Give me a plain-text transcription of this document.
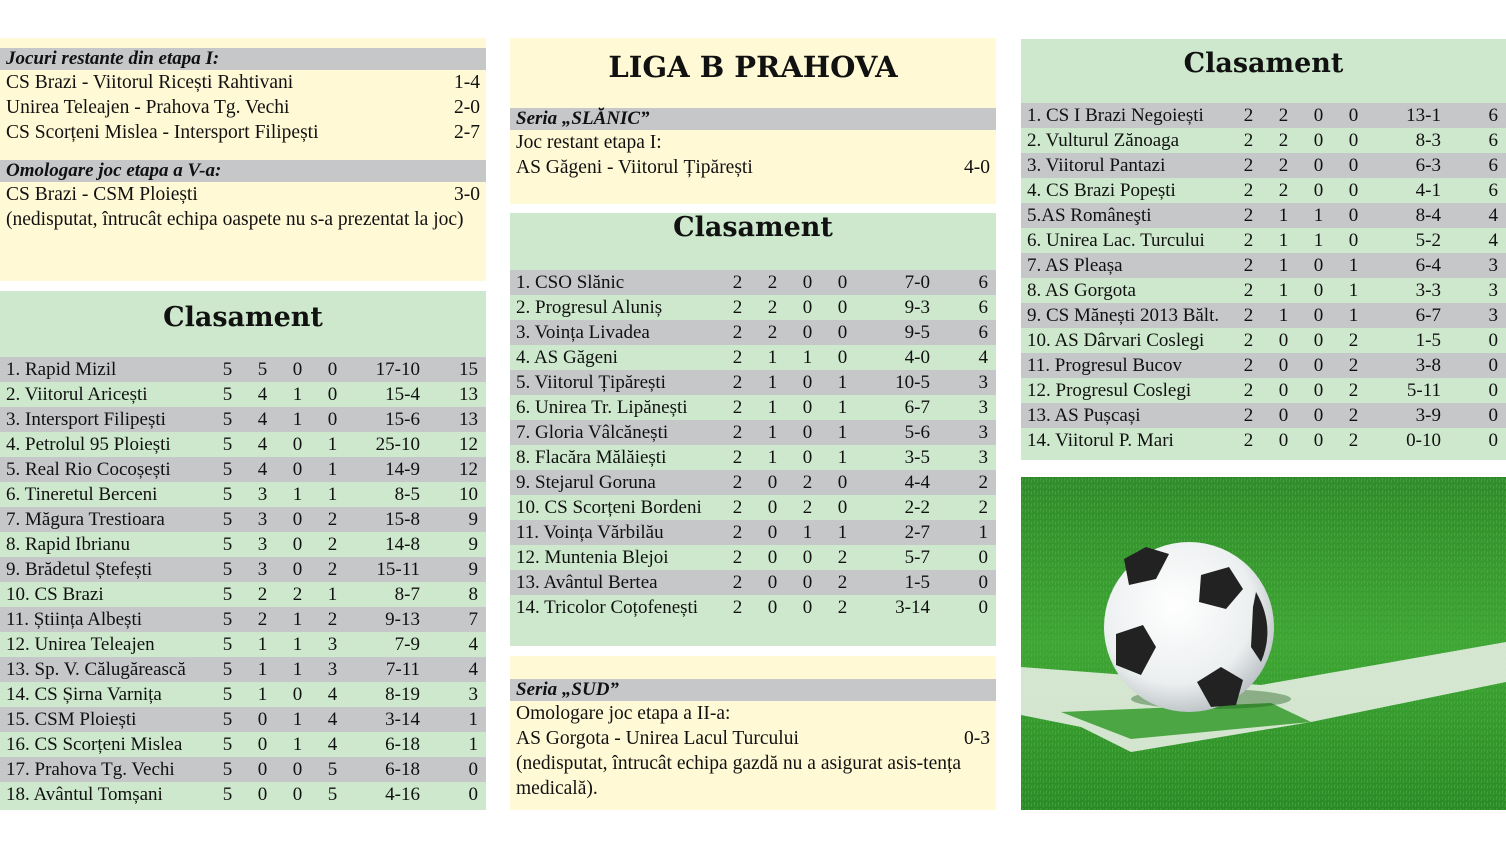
Jocuri restante din etapa I:
CS Brazi - Viitorul Ricești Rahtivani	1-4
Unirea Teleajen - Prahova Tg. Vechi	2-0
CS Scorțeni Mislea - Intersport Filipești	2-7
Omologare joc etapa a V-a:
CS Brazi - CSM Ploiești	3-0
(nedisputat, întrucât echipa oaspete nu s-a prezentat la joc)
Clasament
1. Rapid Mizil	5	5	0	0	17-10	15
2. Viitorul Aricești	5	4	1	0	15-4	13
3. Intersport Filipești	5	4	1	0	15-6	13
4. Petrolul 95 Ploiești	5	4	0	1	25-10	12
5. Real Rio Cocoșești	5	4	0	1	14-9	12
6. Tineretul Berceni	5	3	1	1	8-5	10
7. Măgura Trestioara	5	3	0	2	15-8	9
8. Rapid Ibrianu	5	3	0	2	14-8	9
9. Brădetul Ștefești	5	3	0	2	15-11	9
10. CS Brazi	5	2	2	1	8-7	8
11. Știința Albești	5	2	1	2	9-13	7
12. Unirea Teleajen	5	1	1	3	7-9	4
13. Sp. V. Călugărească	5	1	1	3	7-11	4
14. CS Șirna Varnița	5	1	0	4	8-19	3
15. CSM Ploiești	5	0	1	4	3-14	1
16. CS Scorțeni Mislea	5	0	1	4	6-18	1
17. Prahova Tg. Vechi	5	0	0	5	6-18	0
18. Avântul Tomșani	5	0	0	5	4-16	0
LIGA B PRAHOVA
Seria „SLĂNIC”
Joc restant etapa I:
AS Găgeni - Viitorul Țipărești	4-0
Clasament
1. CSO Slănic	2	2	0	0	7-0	6
2. Progresul Aluniș	2	2	0	0	9-3	6
3. Voința Livadea	2	2	0	0	9-5	6
4. AS Găgeni	2	1	1	0	4-0	4
5. Viitorul Țipărești	2	1	0	1	10-5	3
6. Unirea Tr. Lipănești	2	1	0	1	6-7	3
7. Gloria Vâlcănești	2	1	0	1	5-6	3
8. Flacăra Mălăiești	2	1	0	1	3-5	3
9. Stejarul Goruna	2	0	2	0	4-4	2
10. CS Scorțeni Bordeni	2	0	2	0	2-2	2
11. Voința Vărbilău	2	0	1	1	2-7	1
12. Muntenia Blejoi	2	0	0	2	5-7	0
13. Avântul Bertea	2	0	0	2	1-5	0
14. Tricolor Coțofenești	2	0	0	2	3-14	0
Seria „SUD”
Omologare joc etapa a II-a:
AS Gorgota - Unirea Lacul Turcului	0-3
(nedisputat, întrucât echipa gazdă nu a asigurat asis-tența medicală).
Clasament
1. CS I Brazi Negoiești	2	2	0	0	13-1	6
2. Vulturul Zănoaga	2	2	0	0	8-3	6
3. Viitorul Pantazi	2	2	0	0	6-3	6
4. CS Brazi Popești	2	2	0	0	4-1	6
5.AS Româneşti	2	1	1	0	8-4	4
6. Unirea Lac. Turcului	2	1	1	0	5-2	4
7. AS Pleașa	2	1	0	1	6-4	3
8. AS Gorgota	2	1	0	1	3-3	3
9. CS Mănești 2013 Bălt.	2	1	0	1	6-7	3
10. AS Dârvari Coslegi	2	0	0	2	1-5	0
11. Progresul Bucov	2	0	0	2	3-8	0
12. Progresul Coslegi	2	0	0	2	5-11	0
13. AS Pușcași	2	0	0	2	3-9	0
14. Viitorul P. Mari	2	0	0	2	0-10	0
